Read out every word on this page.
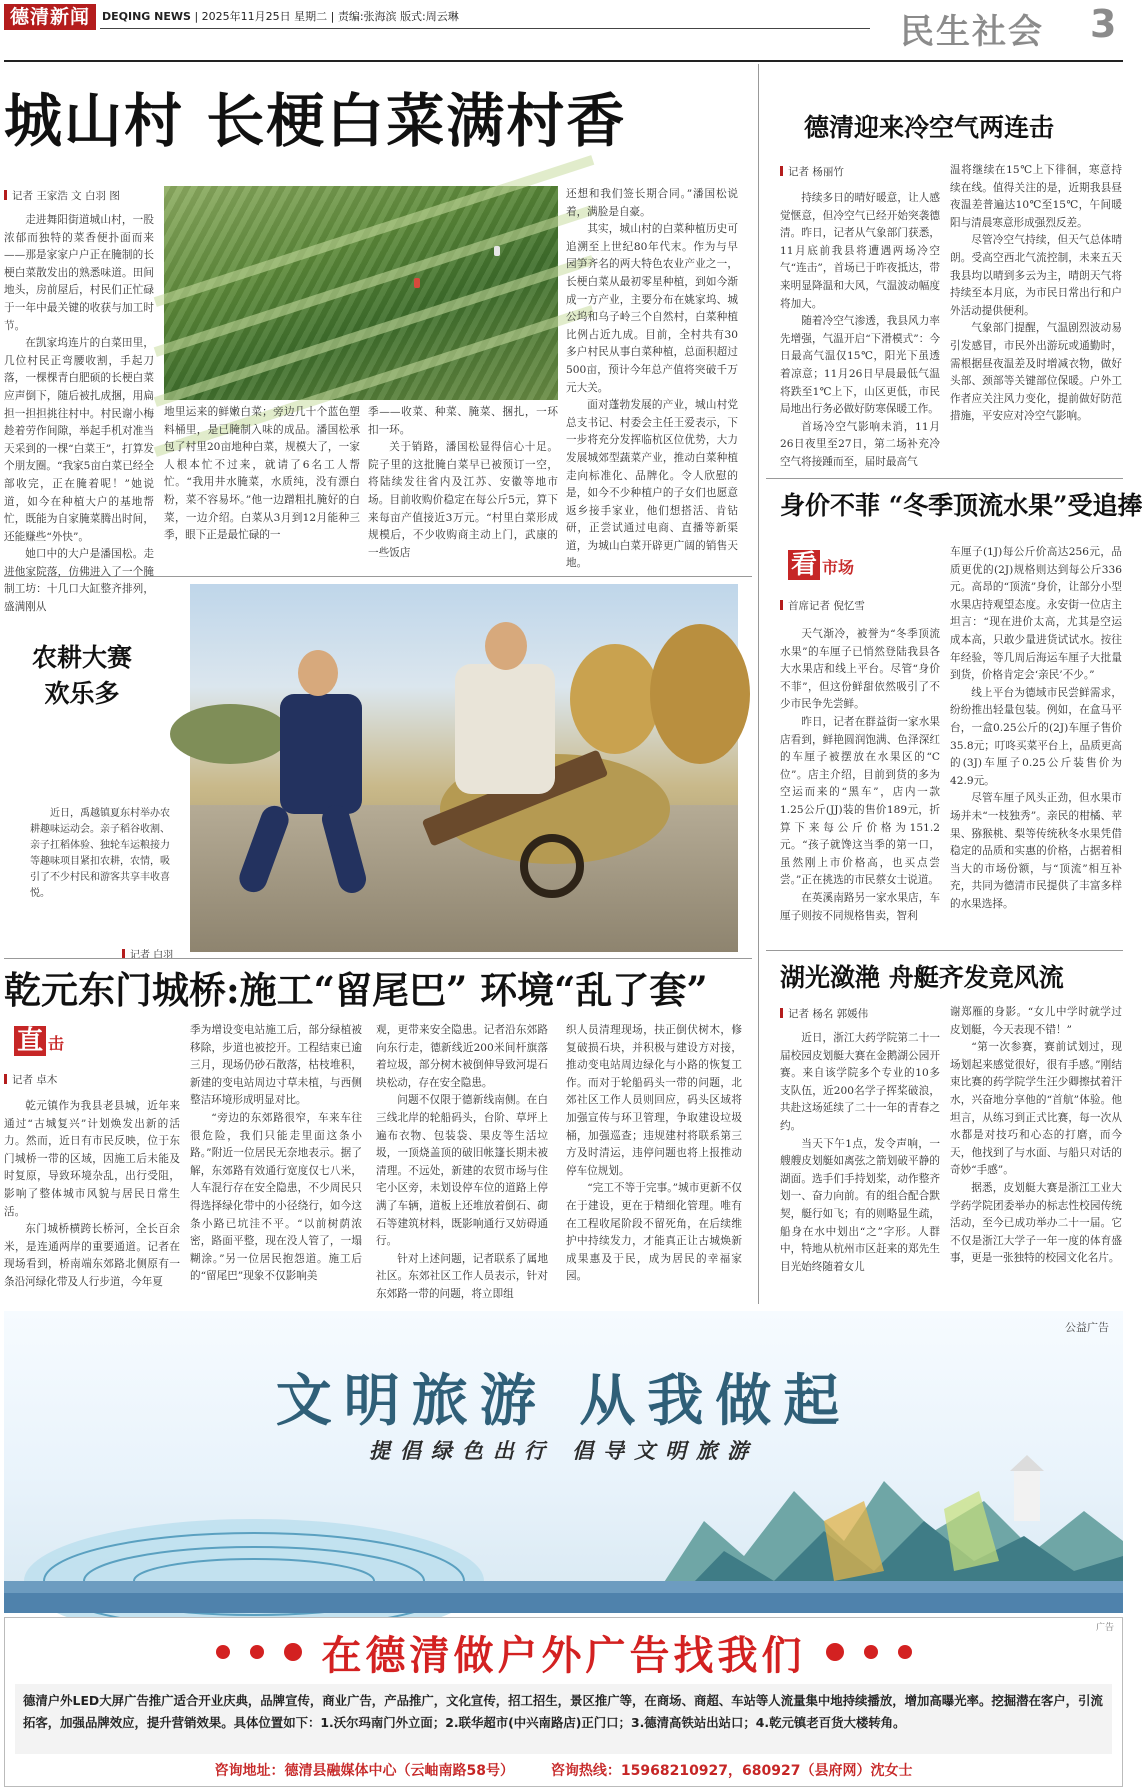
德清新闻	DEQING NEWS | 2025年11月25日 星期二 | 责编:张海滨 版式:周云琳	民生社会 3
城山村 长梗白菜满村香
记者 王家浩 文 白羽 图

走进舞阳街道城山村，一股浓郁而独特的菜香便扑面而来——那是家家户户正在腌制的长梗白菜散发出的熟悉味道。田间地头，房前屋后，村民们正忙碌于一年中最关键的收获与加工时节。

在凯家坞连片的白菜田里，几位村民正弯腰收割，手起刀落，一棵棵青白肥硕的长梗白菜应声倒下，随后被扎成捆，用扁担一担担挑往村中。村民谢小梅趁着劳作间隙，举起手机对准当天采到的一棵“白菜王”，打算发个朋友圈。“我家5亩白菜已经全部收完，正在腌着呢！”她说道，如今在种植大户的基地帮忙，既能为自家腌菜腾出时间，还能赚些“外快”。

她口中的大户是潘国松。走进他家院落，仿佛进入了一个腌制工坊：十几口大缸整齐排列，盛满刚从

地里运来的鲜嫩白菜；旁边几十个蓝色塑料桶里，是已腌制入味的成品。潘国松承包了村里20亩地种白菜，规模大了，一家人根本忙不过来，就请了6名工人帮忙。“我用井水腌菜，水质纯，没有漂白粉，菜不容易坏。”他一边蹭粗扎腌好的白菜，一边介绍。白菜从3月到12月能种三季，眼下正是最忙碌的一

季——收菜、种菜、腌菜、捆扎，一环扣一环。

关于销路，潘国松显得信心十足。院子里的这批腌白菜早已被预订一空，将陆续发往省内及江苏、安徽等地市场。目前收购价稳定在每公斤5元，算下来每亩产值接近3万元。“村里白菜形成规模后，不少收购商主动上门，武康的一些饭店

还想和我们签长期合同。”潘国松说着，满脸是自豪。

其实，城山村的白菜种植历史可追溯至上世纪80年代末。作为与早园笋齐名的两大特色农业产业之一，长梗白菜从最初零星种植，到如今渐成一方产业，主要分布在姚家坞、城公坞和乌子岭三个自然村，白菜种植比例占近九成。目前，全村共有30多户村民从事白菜种植，总面积超过500亩，预计今年总产值将突破千万元大关。

面对蓬勃发展的产业，城山村党总支书记、村委会主任王爱表示，下一步将充分发挥临杭区位优势，大力发展城郊型蔬菜产业，推动白菜种植走向标准化、品牌化。令人欣慰的是，如今不少种植户的子女们也愿意返乡接手家业，他们想搭活、肯钻研，正尝试通过电商、直播等新渠道，为城山白菜开辟更广阔的销售天地。

农耕大赛
欢乐多

近日，禹越镇夏东村举办农耕趣味运动会。亲子稻谷收割、亲子扛稻体验、独轮车运粮接力等趣味项目紧扣农耕，农情，吸引了不少村民和游客共享丰收喜悦。

记者 白羽
乾元东门城桥:施工“留尾巴” 环境“乱了套”
直 击
记者 卓木

乾元镇作为我县老县城，近年来通过“古城复兴”计划焕发出新的活力。然而，近日有市民反映，位于东门城桥一带的区域，因施工后未能及时复原，导致环境杂乱，出行受阻，影响了整体城市风貌与居民日常生活。

东门城桥横跨长桥河，全长百余米，是连通两岸的重要通道。记者在现场看到，桥南端东郊路北侧原有一条沿河绿化带及人行步道，今年夏

季为增设变电站施工后，部分绿植被移除，步道也被挖开。工程结束已逾三月，现场仍砂石散落，枯枝堆积，新建的变电站周边寸草未植，与西侧整洁环境形成明显对比。

“旁边的东郊路很窄，车来车往很危险，我们只能走里面这条小路。”附近一位居民无奈地表示。据了解，东郊路有效通行宽度仅七八米，人车混行存在安全隐患，不少周民只得选择绿化带中的小径绕行，如今这条小路已坑洼不平。“以前树荫浓密，路面平整，现在没人管了，一塌糊涂。”另一位居民抱怨道。施工后的“留尾巴”现象不仅影响美

观，更带来安全隐患。记者沿东郊路向东行走，德新线近200米间杆旗落着垃圾，部分树木被倒伸导致河堤石块松动，存在安全隐患。

问题不仅限于德新线南侧。在白三线北岸的轮船码头，台阶、草坪上遍布衣物、包装袋、果皮等生活垃圾，一顶烧盖顶的破旧帐篷长期未被清理。不远处，新建的农贸市场与住宅小区旁，未划设停车位的道路上停满了车辆，道板上还堆放着倒石、砌石等建筑材料，既影响通行又妨碍通行。

针对上述问题，记者联系了属地社区。东郊社区工作人员表示，针对东郊路一带的问题，将立即组

织人员清理现场，扶正倒伏树木，修复破损石块，并积极与建设方对接，推动变电站周边绿化与小路的恢复工作。而对于轮船码头一带的问题，北郊社区工作人员则回应，码头区域将加强宣传与环卫管理，争取建设垃圾桶，加强巡查；违规建村将联系第三方及时清运，违停问题也将上报推动停车位规划。

“完工不等于完事。”城市更新不仅在于建设，更在于精细化管理。唯有在工程收尾阶段不留死角，在后续维护中持续发力，才能真正让古城焕新成果惠及于民，成为居民的幸福家园。

德清迎来冷空气两连击
记者 杨丽竹

持续多日的晴好暖意，让人感觉惬意，但冷空气已经开始突袭德清。昨日，记者从气象部门获悉，11月底前我县将遭遇两场冷空气“连击”，首场已于昨夜抵达，带来明显降温和大风，气温波动幅度将加大。

随着冷空气渗透，我县风力率先增强，气温开启“下滑模式”：今日最高气温仅15℃，阳光下虽透着凉意；11月26日早晨最低气温将跌至1℃上下，山区更低，市民局地出行务必做好防寒保暖工作。

首场冷空气影响未消，11月26日夜里至27日，第二场补充冷空气将接踵而至，届时最高气

温将继续在15℃上下徘徊，寒意持续在线。值得关注的是，近期我县昼夜温差普遍达10℃至15℃，午间暖阳与清晨寒意形成强烈反差。

尽管冷空气持续，但天气总体晴朗。受高空西北气流控制，未来五天我县均以晴到多云为主，晴朗天气将持续至本月底，为市民日常出行和户外活动提供便利。

气象部门提醒，气温剧烈波动易引发感冒，市民外出游玩或通勤时，需根据昼夜温差及时增减衣物，做好头部、颈部等关键部位保暖。户外工作者应关注风力变化，提前做好防范措施，平安应对冷空气影响。

身价不菲 “冬季顶流水果”受追捧
看 市场
首席记者 倪忆雪

天气渐冷，被誉为“冬季顶流水果”的车厘子已悄然登陆我县各大水果店和线上平台。尽管“身价不菲”，但这份鲜甜依然吸引了不少市民争先尝鲜。

昨日，记者在群益街一家水果店看到，鲜艳圆润饱满、色泽深红的车厘子被摆放在水果区的“C位”。店主介绍，目前到货的多为空运而来的“黑车”，店内一款1.25公斤(JJ)装的售价189元，折算下来每公斤价格为151.2元。“孩子就馋这当季的第一口，虽然刚上市价格高，也买点尝尝。”正在挑选的市民蔡女士说道。

在英溪南路另一家水果店，车厘子则按不同规格售卖，智利

车厘子(1J)每公斤价高达256元，品质更优的(2J)规格则达到每公斤336元。高昂的“顶流”身价，让部分小型水果店持观望态度。永安街一位店主坦言：“现在进价太高，尤其是空运成本高，只敢少量进货试试水。按往年经验，等几周后海运车厘子大批量到货，价格肯定会‘亲民’不少。”

线上平台为德域市民尝鲜需求，纷纷推出轻量包装。例如，在盒马平台，一盒0.25公斤的(2J)车厘子售价35.8元；叮咚买菜平台上，品质更高的(3J)车厘子0.25公斤装售价为42.9元。

尽管车厘子风头正劲，但水果市场并未“一枝独秀”。亲民的柑橘、苹果、猕猴桃、梨等传统秋冬水果凭借稳定的品质和实惠的价格，占据着相当大的市场份额，与“顶流”相互补充，共同为德清市民提供了丰富多样的水果选择。

湖光潋滟 舟艇齐发竞风流
记者 杨名 郭媛伟

近日，浙江大药学院第二十一届校园皮划艇大赛在金鹅湖公园开赛。来自该学院多个专业的10多支队伍，近200名学子挥桨破浪，共赴这场延续了二十一年的青春之约。

当天下午1点，发令声响，一艘艘皮划艇如离弦之箭划破平静的湖面。选手们手持划桨，动作整齐划一、奋力向前。有的组合配合默契，艇行如飞；有的则略显生疏，船身在水中划出“之”字形。人群中，特地从杭州市区赶来的郑先生目光始终随着女儿

谢郑雁的身影。“女儿中学时就学过皮划艇，今天表现不错！”

“第一次参赛，赛前试划过，现场划起来感觉很好，很有手感。”刚结束比赛的药学院学生汪少卿擦拭着汗水，兴奋地分享他的“首航”体验。他坦言，从练习到正式比赛，每一次从水都是对技巧和心态的打磨，而今天，他找到了与水面、与船只对话的奇妙“手感”。

据悉，皮划艇大赛是浙江工业大学药学院团委举办的标志性校园传统活动，至今已成功举办二十一届。它不仅是浙江大学子一年一度的体育盛事，更是一张独特的校园文化名片。

公益广告
文明旅游 从我做起
提倡绿色出行 倡导文明旅游
广告
在德清做户外广告找我们
德清户外LED大屏广告推广适合开业庆典，品牌宣传，商业广告，产品推广，文化宣传，招工招生，景区推广等，在商场、商超、车站等人流量集中地持续播放，增加高曝光率。挖掘潜在客户，引流拓客，加强品牌效应，提升营销效果。具体位置如下：1.沃尔玛南门外立面；2.联华超市(中兴南路店)正门口；3.德清高铁站出站口；4.乾元镇老百货大楼转角。
咨询地址：德清县融媒体中心（云岫南路58号）	咨询热线：15968210927，680927（县府网）沈女士
